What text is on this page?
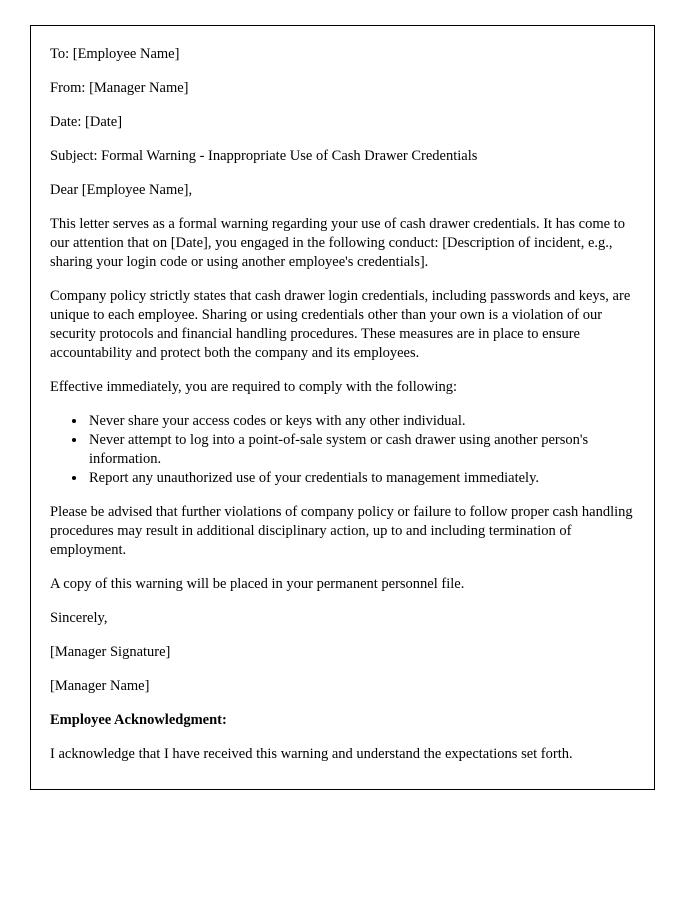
To: [Employee Name]

From: [Manager Name]

Date: [Date]

Subject: Formal Warning - Inappropriate Use of Cash Drawer Credentials

Dear [Employee Name],

This letter serves as a formal warning regarding your use of cash drawer credentials. It has come to our attention that on [Date], you engaged in the following conduct: [Description of incident, e.g., sharing your login code or using another employee's credentials].

Company policy strictly states that cash drawer login credentials, including passwords and keys, are unique to each employee. Sharing or using credentials other than your own is a violation of our security protocols and financial handling procedures. These measures are in place to ensure accountability and protect both the company and its employees.

Effective immediately, you are required to comply with the following:

• Never share your access codes or keys with any other individual.
• Never attempt to log into a point-of-sale system or cash drawer using another person's information.
• Report any unauthorized use of your credentials to management immediately.

Please be advised that further violations of company policy or failure to follow proper cash handling procedures may result in additional disciplinary action, up to and including termination of employment.

A copy of this warning will be placed in your permanent personnel file.

Sincerely,

[Manager Signature]

[Manager Name]

Employee Acknowledgment:

I acknowledge that I have received this warning and understand the expectations set forth.
